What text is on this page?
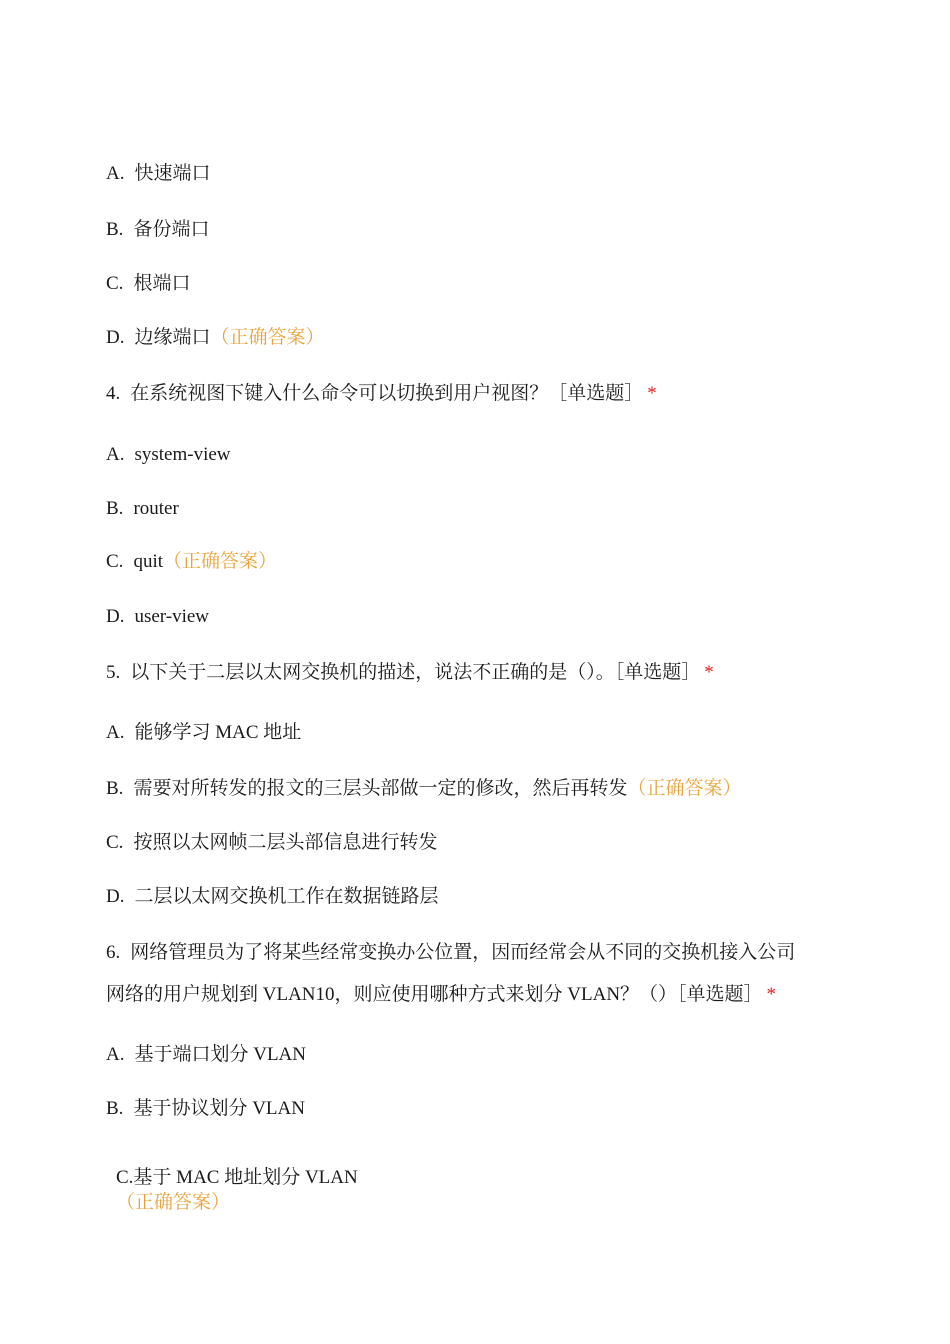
A. 快速端口
B. 备份端口
C. 根端口
D. 边缘端口（正确答案）
4. 在系统视图下键入什么命令可以切换到用户视图？［单选题］ *
A. system-view
B. router
C. quit（正确答案）
D. user-view
5. 以下关于二层以太网交换机的描述，说法不正确的是（）。［单选题］ *
A. 能够学习 MAC 地址
B. 需要对所转发的报文的三层头部做一定的修改，然后再转发（正确答案）
C. 按照以太网帧二层头部信息进行转发
D. 二层以太网交换机工作在数据链路层
6. 网络管理员为了将某些经常变换办公位置，因而经常会从不同的交换机接入公司
网络的用户规划到 VLAN10，则应使用哪种方式来划分 VLAN？（）［单选题］ *
A. 基于端口划分 VLAN
B. 基于协议划分 VLAN
C.基于 MAC 地址划分 VLAN（正确答案）
